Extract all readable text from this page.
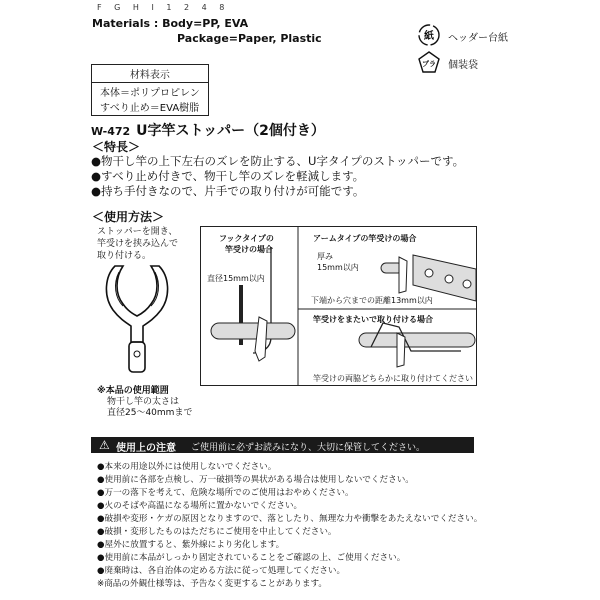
F G H I 1 2 4 8
Materials : Body=PP, EVA
Package=Paper, Plastic	紙 ヘッダー台紙
プラ 個装袋
材料表示

本体＝ポリプロピレン
すべり止め＝EVA樹脂
W-472 U字竿ストッパー（2個付き）
＜特長＞
●物干し竿の上下左右のズレを防止する、U字タイプのストッパーです。
●すべり止め付きで、物干し竿のズレを軽減します。
●持ち手付きなので、片手での取り付けが可能です。
＜使用方法＞
ストッパーを開き、
竿受けを挟み込んで
取り付ける。
※本品の使用範囲
物干し竿の太さは
直径25〜40mmまで
フックタイプの
竿受けの場合
直径15mm以内
アームタイプの竿受けの場合
厚み
15mm以内
下端から穴までの距離13mm以内
竿受けをまたいで取り付ける場合
竿受けの両脇どちらかに取り付けてください
⚠ 使用上の注意 ご使用前に必ずお読みになり、大切に保管してください。
●本来の用途以外には使用しないでください。
●使用前に各部を点検し、万一破損等の異状がある場合は使用しないでください。
●万一の落下を考えて、危険な場所でのご使用はおやめください。
●火のそばや高温になる場所に置かないでください。
●破損や変形・ケガの原因となりますので、落としたり、無理な力や衝撃をあたえないでください。
●破損・変形したものはただちにご使用を中止してください。
●屋外に放置すると、紫外線により劣化します。
●使用前に本品がしっかり固定されていることをご確認の上、ご使用ください。
●廃棄時は、各自治体の定める方法に従って処理してください。
※商品の外観仕様等は、予告なく変更することがあります。
